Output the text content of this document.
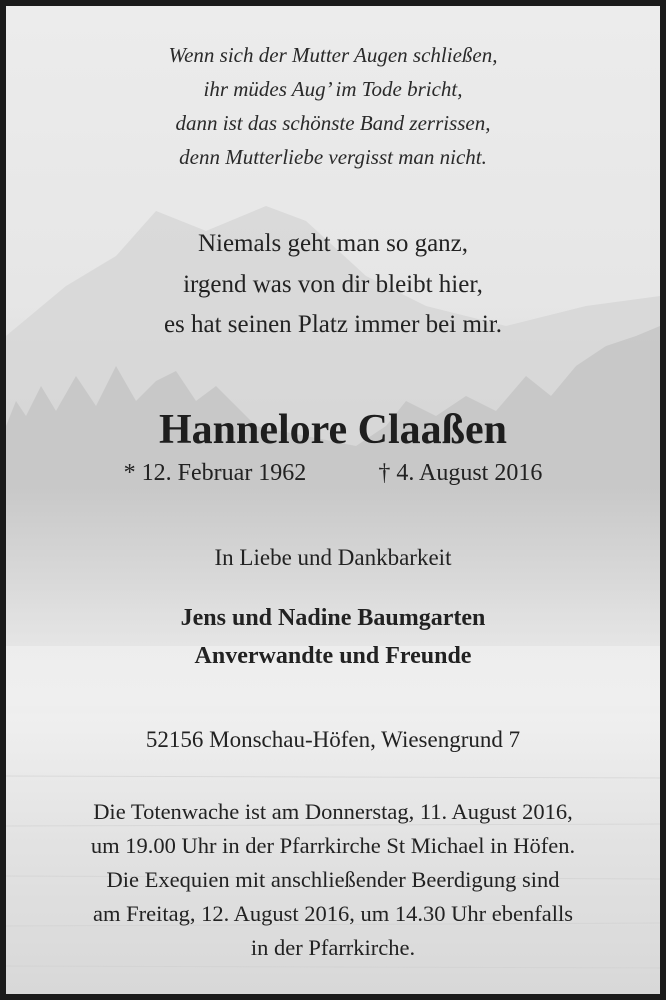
Wenn sich der Mutter Augen schließen,
ihr müdes Aug’ im Tode bricht,
dann ist das schönste Band zerrissen,
denn Mutterliebe vergisst man nicht.
Niemals geht man so ganz,
irgend was von dir bleibt hier,
es hat seinen Platz immer bei mir.
Hannelore Claaßen
* 12. Februar 1962	† 4. August 2016
In Liebe und Dankbarkeit
Jens und Nadine Baumgarten
Anverwandte und Freunde
52156 Monschau-Höfen, Wiesengrund 7
Die Totenwache ist am Donnerstag, 11. August 2016,
um 19.00 Uhr in der Pfarrkirche St Michael in Höfen.
Die Exequien mit anschließender Beerdigung sind
am Freitag, 12. August 2016, um 14.30 Uhr ebenfalls
in der Pfarrkirche.
